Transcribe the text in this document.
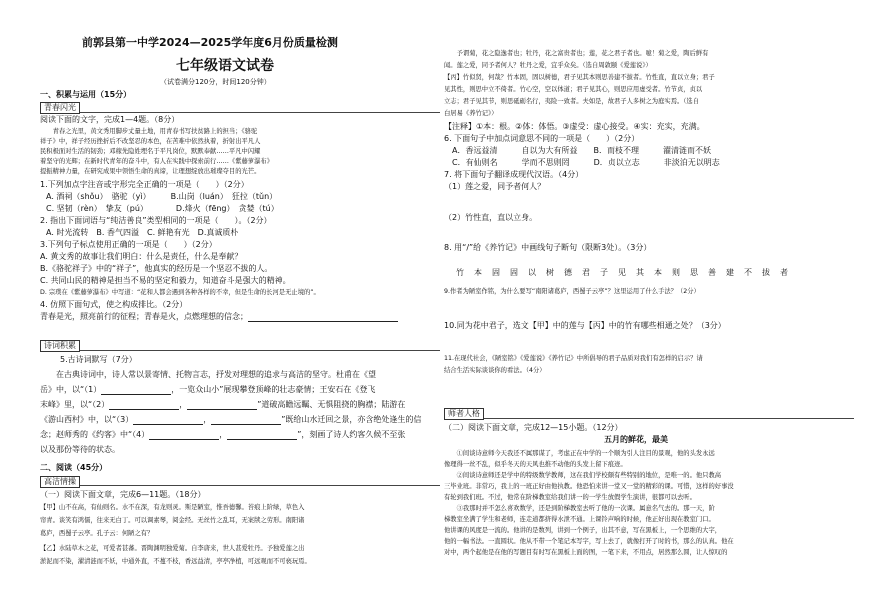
前郭县第一中学2024—2025学年度6月份质量检测
七年级语文试卷
（试卷满分120分，时间120分钟）
一、积累与运用（15分）
青春闪光
阅读下面的文字，完成1—4题。（8分）
　　青春之光里，黄文秀用脚步丈量土地，用青春书写扶贫路上的担当；《骆驼
祥子》中，祥子经历挫折后不改坚忍的本色，在苦难中依然执着，折射出平凡人
民积极面对生活的韧劲；邓稼先隐姓埋名于平凡岗位，默默奉献……平凡中闪耀
着坚守的光辉；在新时代青年的奋斗中，有人在实践中探索前行……《紫藤萝瀑布》
提振精神力量，在研究成果中领悟生命的真谛，让理想绽放出璀璨夺目的光芒。
1.下列加点字注音或字形完全正确的一项是（　　）（2分）
A. 酒祠（shǒu）　骆驼（yì）　　　B.山岗（luán）　狂拉（tǔn）
C. 坚韧（rèn）　挚友（pú）　　　　D.烽火（fēng）　贪婪（tú）
2. 指出下面词语与“纯洁善良”类型相同的一项是（　　）。（2分）
A. 时光流转　B. 香气四溢　C. 鲜艳有光　D.真诚质朴
3.下列句子标点使用正确的一项是（　　）（2分）
A. 黄文秀的故事让我们明白：什么是责任，什么是奉献？
B.《骆驼祥子》中的“祥子”，他真实的经历是一个坚忍不拔的人。
C. 共同山民的精神是担当不易的坚定和毅力，知道奋斗是强大的精神。
D. 宗璞在《紫藤萝瀑布》中写道：“花和人都会遇到各种各样的不幸，但是生命的长河是无止境的”。
4. 仿照下面句式，使之构成排比。（2分）
青春是光，照亮前行的征程；青春是火，点燃理想的信念；
诗词积累
5.古诗词默写（7分）
　　在古典诗词中，诗人常以景寄情、托物言志，抒发对理想的追求与高洁的坚守。杜甫在《望
岳》中，以“（1）	，一览众山小”展现攀登顶峰的壮志豪情；王安石在《登飞
末峰》里，以“（2）	，	”道破高瞻远瞩、无惧阻挠的胸襟；陆游在
《游山西村》中，以“（3）	，	”既给山水迁回之景，亦含绝处逢生的信
念；赵师秀的《约客》中“（4）	，	”，刻画了诗人约客久候不至张
以及那份等待的状态。
二、阅读（45分）
高洁情操
（一）阅读下面文章，完成6—11题。（18分）
【甲】山不在高，有仙则名。水不在深，有龙则灵。斯是陋室，惟吾德馨。苔痕上阶绿，草色入
帘青。谈笑有鸿儒，往来无白丁。可以调素琴，阅金经。无丝竹之乱耳，无案牍之劳形。南阳诸
葛庐，西蜀子云亭。孔子云：何陋之有？
【乙】水陆草木之花，可爱者甚蕃。晋陶渊明独爱菊。自李唐来，世人甚爱牡丹。予独爱莲之出
淤泥而不染，濯清涟而不妖，中通外直，不蔓不枝，香远益清，亭亭净植，可远观而不可亵玩焉。
　　予谓菊，花之隐逸者也；牡丹，花之富贵者也；莲，花之君子者也。噫！菊之爱，陶后鲜有
闻。莲之爱，同予者何人？牡丹之爱，宜乎众矣。（选自周敦颐《爱莲说》）
【丙】竹似贤，何哉？竹本固，固以树德，君子见其本则思善建不拔者。竹性直，直以立身；君子
见其性，则思中立不倚者。竹心空，空以体道；君子见其心，则思应用虚受者。竹节贞，贞以
立志；君子见其节，则思砥砺名行，夷险一致者。夫如是，故君子人多树之为庭实焉。（选自
白居易《养竹记》）
【注释】①本：根。②体：体悟。③虚受：虚心接受。④实：充实，充满。
6. 下面句子中加点词意思不同的一项是（　　）（2分）
A．香远益清　　　自以为大有所益　　B．而枝不理　　　濯清涟而不妖
C．有仙则名　　　学而不思则罔　　　D．贞以立志　　　非淡泊无以明志
7. 将下面句子翻译成现代汉语。（4分）
（1）莲之爱，同予者何人？
（2）竹性直，直以立身。
8. 用“/”给《养竹记》中画线句子断句（限断3处）。（3分）
竹　本　固　固　以　树　德　君　子　见　其　本　则　思　善　建　不　拔　者
9.作者为陋室作铭，为什么要写“南阳诸葛庐，西蜀子云亭”？这里运用了什么手法？（2分）
10.同为花中君子，选文【甲】中的莲与【丙】中的竹有哪些相通之处？（3分）
11.在现代社会，《陋室铭》《爱莲说》《养竹记》中所倡导的君子品质对我们有怎样的启示？请
结合生活实际谈谈你的看法。（4分）
师者人格
（二）阅读下面文章，完成12—15小题。（12分）
五月的鲜花，最美
　　①间谈诗意师今天我还不属那谋了，考虑正在中学的一个顺为引人注目的景观，他的头发永远
像理得一丝不乱，似乎冬天的天风也推不动他的头发上留下痕迹。
　　②间谈诗意师还是学中的特级数学教师，这在我们学校颇有些特别的地位，是唯一的。他只教高
三毕业班。非常巧，我上的一班正好由他执教。他恐怕来讲一堂又一堂的精彩的课。可惜，这样的好事没
有轮到我们班。不过，他常在阶梯教室给我们讲一的一学生放假学生演讲，很都可以去听。
　　③我那时并不怎么喜欢数学，还是到阶梯教室去听了他的一次课。属意名气去的。那一天，阶
梯教室坐满了学生和老师，连走道都挤得水泄不通。上课铃声响的时候，他正好出现在教室门口。
他讲课的风度是一流的。他讲的是数列，讲到一个例子，出其不意，写在黑板上，一个思维的大字，
他的一幅书法。一直圆状。他从不带一个笔记本写字，写上去了，就像打开了时的书，那么的认真。他在
对中，两个起他是在他的写题目有时写在黑板上面的图，一笔下来，不用点，居然那么圆，让人惊叹的
